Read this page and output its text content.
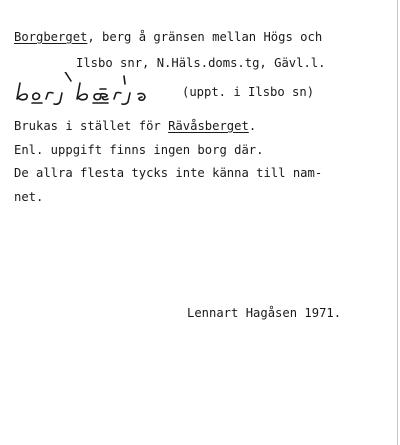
Borgberget, berg å gränsen mellan Högs och
Ilsbo snr, N.Häls.doms.tg, Gävl.l.
(uppt. i Ilsbo sn)
Brukas i stället för Rävåsberget.
Enl. uppgift finns ingen borg där.
De allra flesta tycks inte känna till nam-
net.
Lennart Hagåsen 1971.
